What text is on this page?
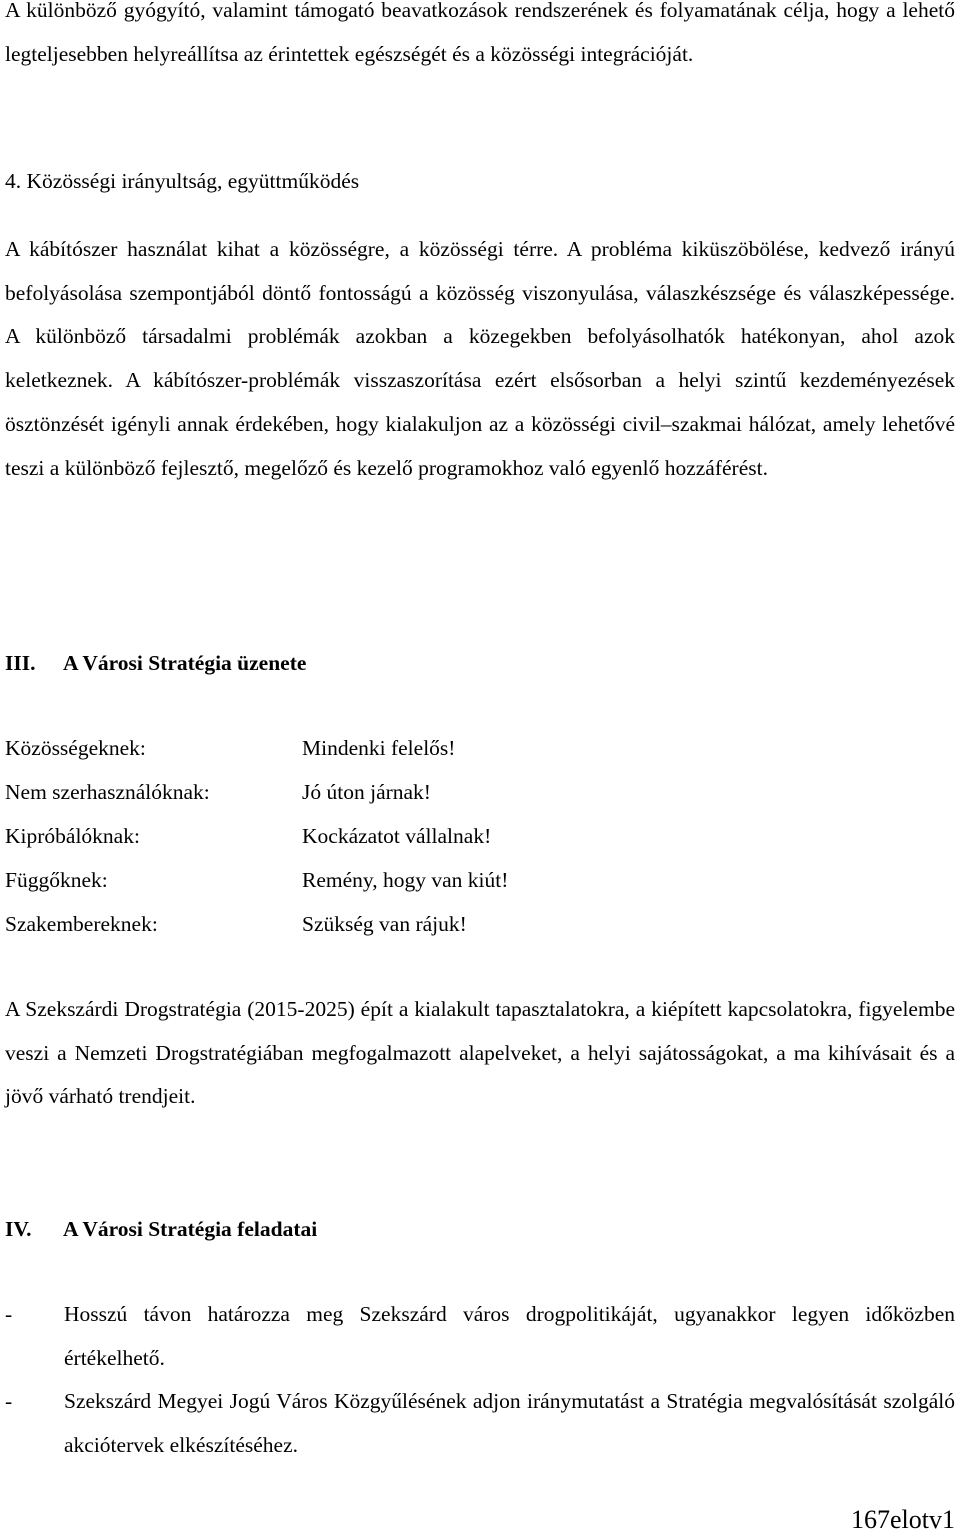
A különböző gyógyító, valamint támogató beavatkozások rendszerének és folyamatának célja, hogy a lehető legteljesebben helyreállítsa az érintettek egészségét és a közösségi integrációját.

4. Közösségi irányultság, együttműködés

A kábítószer használat kihat a közösségre, a közösségi térre. A probléma kiküszöbölése, kedvező irányú befolyásolása szempontjából döntő fontosságú a közösség viszonyulása, válaszkészsége és válaszképessége. A különböző társadalmi problémák azokban a közegekben befolyásolhatók hatékonyan, ahol azok keletkeznek. A kábítószer-problémák visszaszorítása ezért elsősorban a helyi szintű kezdeményezések ösztönzését igényli annak érdekében, hogy kialakuljon az a közösségi civil–szakmai hálózat, amely lehetővé teszi a különböző fejlesztő, megelőző és kezelő programokhoz való egyenlő hozzáférést.

III. A Városi Stratégia üzenete
Közösségeknek:	Mindenki felelős!
Nem szerhasználóknak:	Jó úton járnak!
Kipróbálóknak:	Kockázatot vállalnak!
Függőknek:	Remény, hogy van kiút!
Szakembereknek:	Szükség van rájuk!

A Szekszárdi Drogstratégia (2015-2025) épít a kialakult tapasztalatokra, a kiépített kapcsolatokra, figyelembe veszi a Nemzeti Drogstratégiában megfogalmazott alapelveket, a helyi sajátosságokat, a ma kihívásait és a jövő várható trendjeit.

IV. A Városi Stratégia feladatai
- Hosszú távon határozza meg Szekszárd város drogpolitikáját, ugyanakkor legyen időközben értékelhető.

- Szekszárd Megyei Jogú Város Közgyűlésének adjon iránymutatást a Stratégia megvalósítását szolgáló akciótervek elkészítéséhez.

167elotv1
